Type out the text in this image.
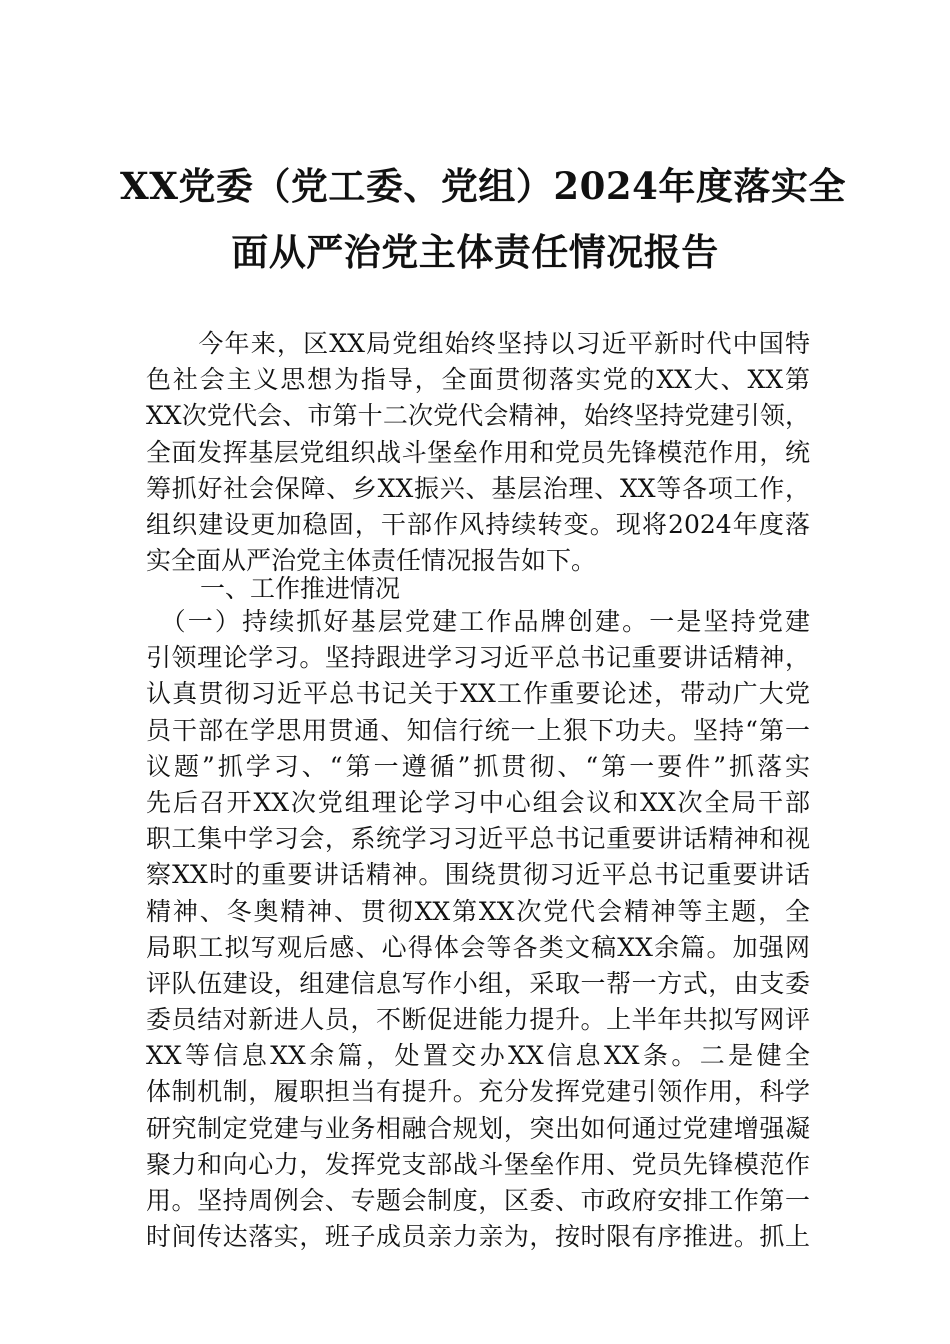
XX党委（党工委、党组）2024年度落实全
面从严治党主体责任情况报告
　　今年来，区XX局党组始终坚持以习近平新时代中国特
色社会主义思想为指导，全面贯彻落实党的XX大、XX第
XX次党代会、市第十二次党代会精神，始终坚持党建引领，
全面发挥基层党组织战斗堡垒作用和党员先锋模范作用，统
筹抓好社会保障、乡XX振兴、基层治理、XX等各项工作，
组织建设更加稳固，干部作风持续转变。现将2024年度落
实全面从严治党主体责任情况报告如下。
一、工作推进情况
　（一）持续抓好基层党建工作品牌创建。一是坚持党建
引领理论学习。坚持跟进学习习近平总书记重要讲话精神，
认真贯彻习近平总书记关于XX工作重要论述，带动广大党
员干部在学思用贯通、知信行统一上狠下功夫。坚持“第一
议题”抓学习、“第一遵循”抓贯彻、“第一要件”抓落实
先后召开XX次党组理论学习中心组会议和XX次全局干部
职工集中学习会，系统学习习近平总书记重要讲话精神和视
察XX时的重要讲话精神。围绕贯彻习近平总书记重要讲话
精神、冬奥精神、贯彻XX第XX次党代会精神等主题，全
局职工拟写观后感、心得体会等各类文稿XX余篇。加强网
评队伍建设，组建信息写作小组，采取一帮一方式，由支委
委员结对新进人员，不断促进能力提升。上半年共拟写网评
XX等信息XX余篇，处置交办XX信息XX条。二是健全
体制机制，履职担当有提升。充分发挥党建引领作用，科学
研究制定党建与业务相融合规划，突出如何通过党建增强凝
聚力和向心力，发挥党支部战斗堡垒作用、党员先锋模范作
用。坚持周例会、专题会制度，区委、市政府安排工作第一
时间传达落实，班子成员亲力亲为，按时限有序推进。抓上
